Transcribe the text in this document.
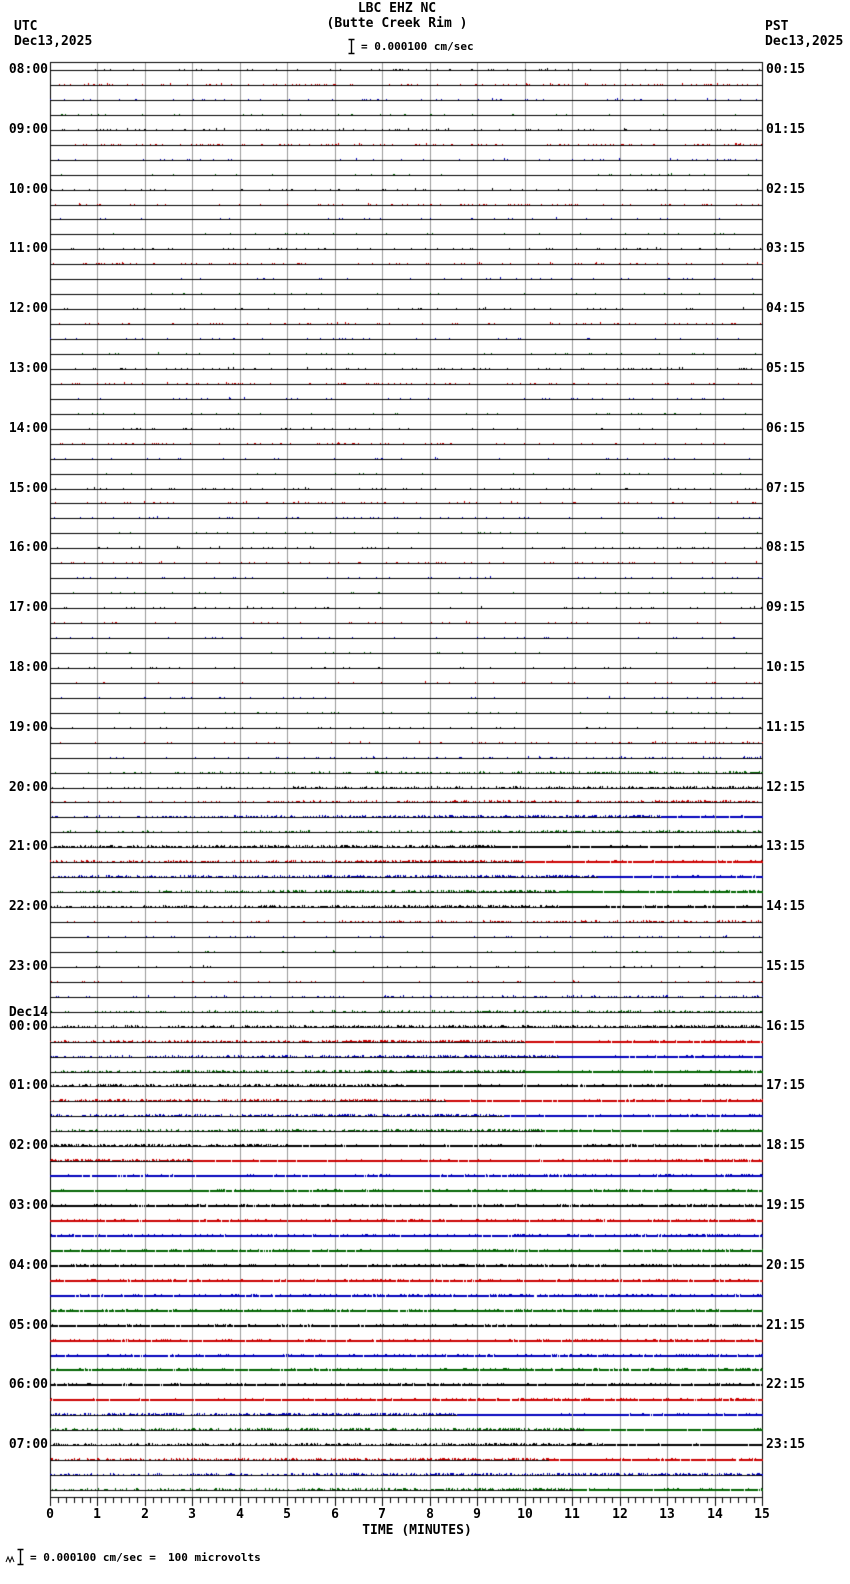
UTC
Dec13,2025
PST
Dec13,2025
LBC EHZ NC
(Butte Creek Rim )
= 0.000100 cm/sec
08:00	00:15
09:00	01:15
10:00	02:15
11:00	03:15
12:00	04:15
13:00	05:15
14:00	06:15
15:00	07:15
16:00	08:15
17:00	09:15
18:00	10:15
19:00	11:15
20:00	12:15
21:00	13:15
22:00	14:15
23:00	15:15
Dec14
00:00	16:15
01:00	17:15
02:00	18:15
03:00	19:15
04:00	20:15
05:00	21:15
06:00	22:15
07:00	23:15
0	1	2	3	4	5	6	7	8	9	10	11	12	13	14	15
TIME (MINUTES)
= 0.000100 cm/sec = 100 microvolts
